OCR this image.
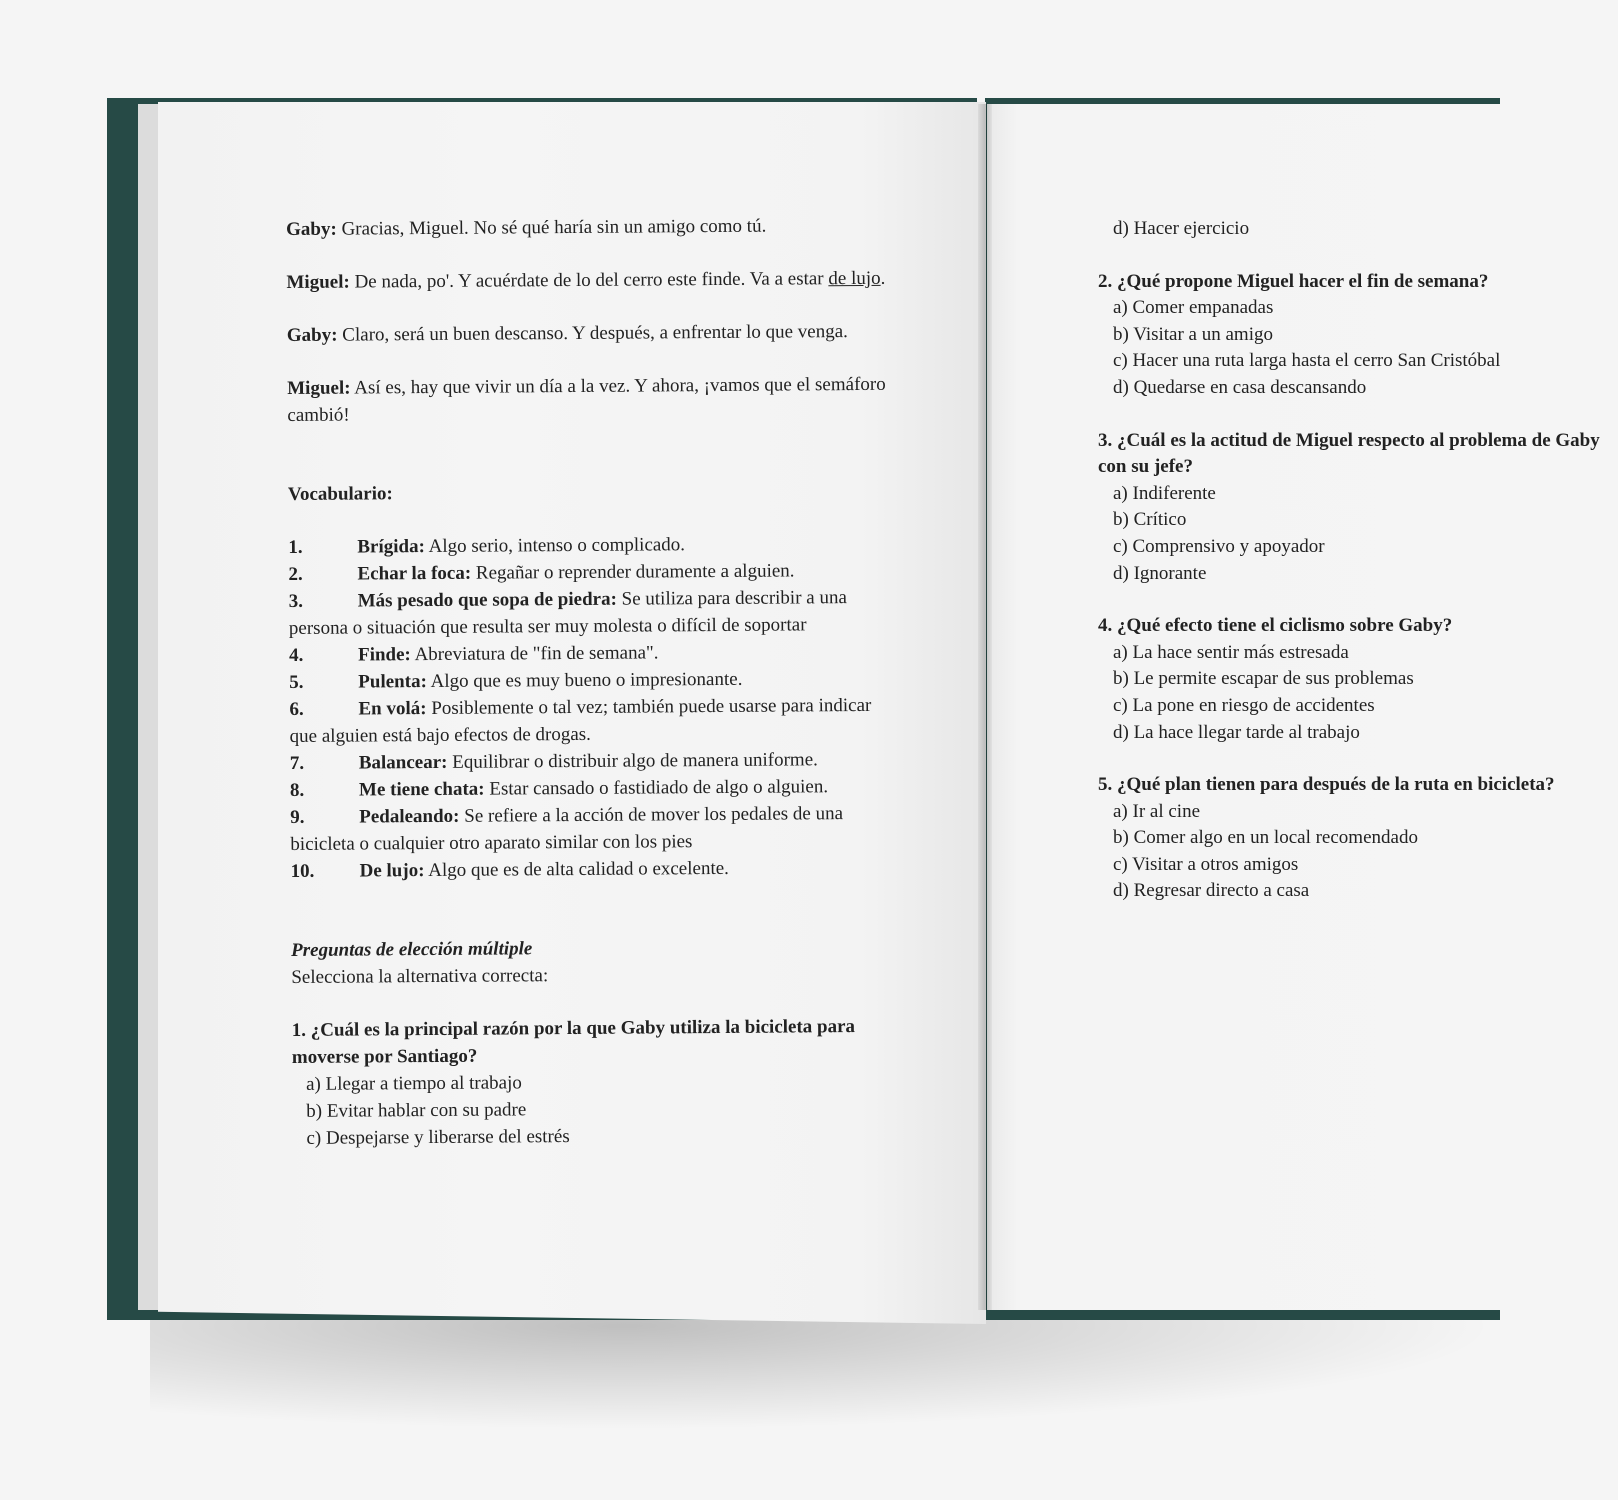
Gaby: Gracias, Miguel. No sé qué haría sin un amigo como tú.

Miguel: De nada, po'. Y acuérdate de lo del cerro este finde. Va a estar de lujo.

Gaby: Claro, será un buen descanso. Y después, a enfrentar lo que venga.

Miguel: Así es, hay que vivir un día a la vez. Y ahora, ¡vamos que el semáforo cambió!

Vocabulario:

1.	Brígida: Algo serio, intenso o complicado.

2.	Echar la foca: Regañar o reprender duramente a alguien.

3.	Más pesado que sopa de piedra: Se utiliza para describir a una persona o situación que resulta ser muy molesta o difícil de soportar

4.	Finde: Abreviatura de "fin de semana".

5.	Pulenta: Algo que es muy bueno o impresionante.

6.	En volá: Posiblemente o tal vez; también puede usarse para indicar que alguien está bajo efectos de drogas.

7.	Balancear: Equilibrar o distribuir algo de manera uniforme.

8.	Me tiene chata: Estar cansado o fastidiado de algo o alguien.

9.	Pedaleando: Se refiere a la acción de mover los pedales de una bicicleta o cualquier otro aparato similar con los pies

10. De lujo: Algo que es de alta calidad o excelente.

Preguntas de elección múltiple

Selecciona la alternativa correcta:

1. ¿Cuál es la principal razón por la que Gaby utiliza la bicicleta para moverse por Santiago?

a) Llegar a tiempo al trabajo

b) Evitar hablar con su padre

c) Despejarse y liberarse del estrés

d) Hacer ejercicio

2. ¿Qué propone Miguel hacer el fin de semana?

a) Comer empanadas

b) Visitar a un amigo

c) Hacer una ruta larga hasta el cerro San Cristóbal

d) Quedarse en casa descansando

3. ¿Cuál es la actitud de Miguel respecto al problema de Gaby con su jefe?

a) Indiferente

b) Crítico

c) Comprensivo y apoyador

d) Ignorante

4. ¿Qué efecto tiene el ciclismo sobre Gaby?

a) La hace sentir más estresada

b) Le permite escapar de sus problemas

c) La pone en riesgo de accidentes

d) La hace llegar tarde al trabajo

5. ¿Qué plan tienen para después de la ruta en bicicleta?

a) Ir al cine

b) Comer algo en un local recomendado

c) Visitar a otros amigos

d) Regresar directo a casa
